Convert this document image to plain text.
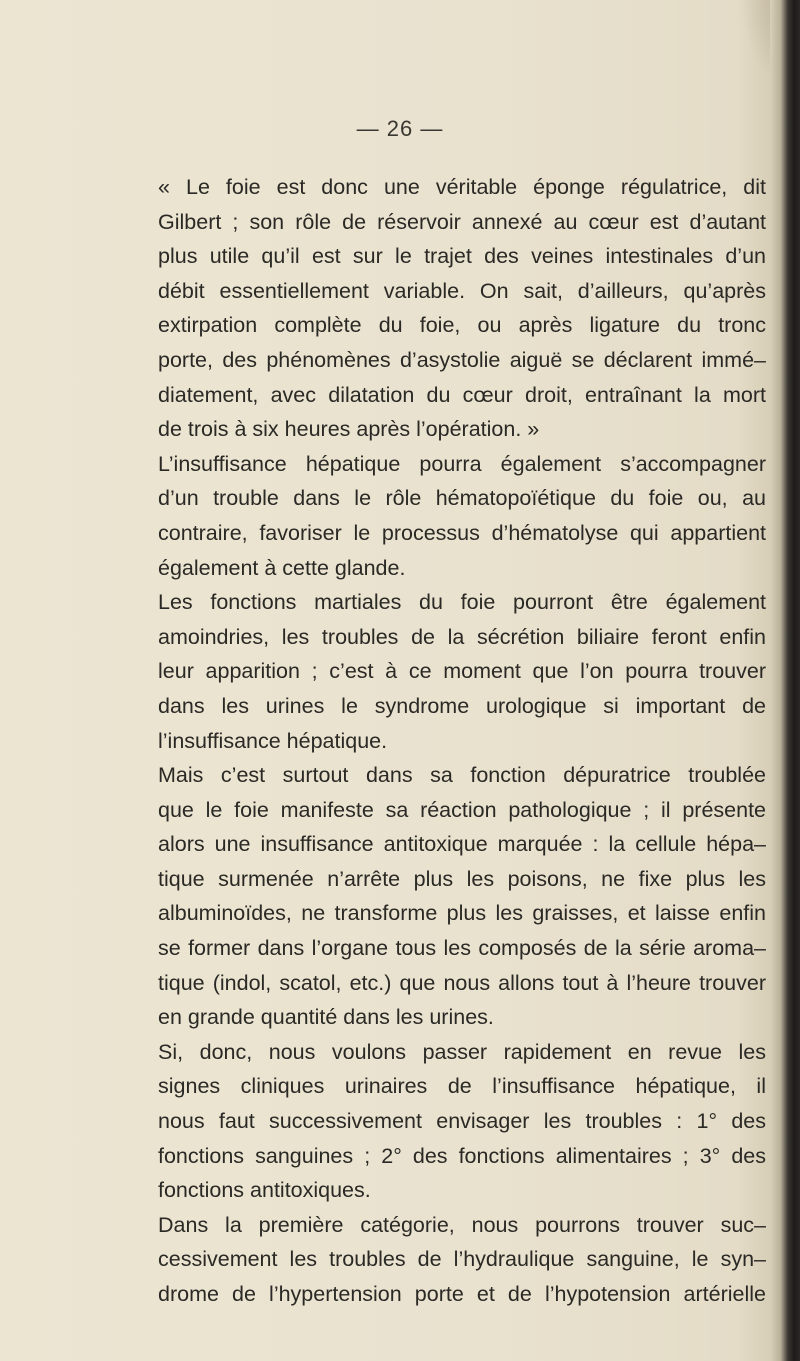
— 26 —

« Le foie est donc une véritable éponge régulatrice, dit
Gilbert ; son rôle de réservoir annexé au cœur est d’autant
plus utile qu’il est sur le trajet des veines intestinales d’un
débit essentiellement variable. On sait, d’ailleurs, qu’après
extirpation complète du foie, ou après ligature du tronc
porte, des phénomènes d’asystolie aiguë se déclarent immé–
diatement, avec dilatation du cœur droit, entraînant la mort
de trois à six heures après l’opération. »

L’insuffisance hépatique pourra également s’accompagner
d’un trouble dans le rôle hématopoïétique du foie ou, au
contraire, favoriser le processus d’hématolyse qui appartient
également à cette glande.

Les fonctions martiales du foie pourront être également
amoindries, les troubles de la sécrétion biliaire feront enfin
leur apparition ; c’est à ce moment que l’on pourra trouver
dans les urines le syndrome urologique si important de
l’insuffisance hépatique.

Mais c’est surtout dans sa fonction dépuratrice troublée
que le foie manifeste sa réaction pathologique ; il présente
alors une insuffisance antitoxique marquée : la cellule hépa–
tique surmenée n’arrête plus les poisons, ne fixe plus les
albuminoïdes, ne transforme plus les graisses, et laisse enfin
se former dans l’organe tous les composés de la série aroma–
tique (indol, scatol, etc.) que nous allons tout à l’heure trouver
en grande quantité dans les urines.

Si, donc, nous voulons passer rapidement en revue les
signes cliniques urinaires de l’insuffisance hépatique, il
nous faut successivement envisager les troubles : 1° des
fonctions sanguines ; 2° des fonctions alimentaires ; 3° des
fonctions antitoxiques.

Dans la première catégorie, nous pourrons trouver suc–
cessivement les troubles de l’hydraulique sanguine, le syn–
drome de l’hypertension porte et de l’hypotension artérielle
